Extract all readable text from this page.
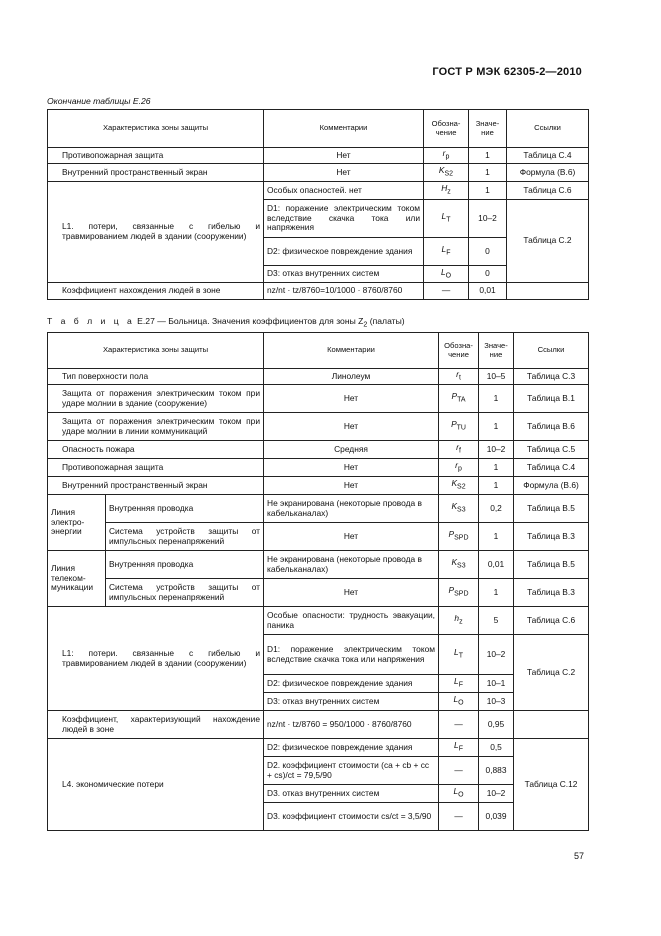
ГОСТ Р МЭК 62305-2—2010
Окончание таблицы Е.26
Характеристика зоны защиты	Комментарии	Обозна-чение	Значе-ние	Ссылки
Противопожарная защита	Нет	$r_p$	1	Таблица С.4
Внутренний пространственный экран	Нет	$K_{S2}$	1	Формула (В.6)
L1. потери, связанные с гибелью и травмированием людей в здании (сооружении)	Особых опасностей. нет	$H_z$	1	Таблица С.6
	D1: поражение электрическим током вследствие скачка тока или напряжения	$L_T$	10–2	Таблица С.2
	D2: физическое повреждение здания	$L_F$	0	
	D3: отказ внутренних систем	$L_O$	0	
Коэффициент нахождения людей в зоне	nz/nt · tz/8760=10/1000 · 8760/8760	—	0,01	
Т а б л и ц а Е.27 — Больница. Значения коэффициентов для зоны $Z_2$ (палаты)
Характеристика зоны защиты		Комментарии	Обозна-чение	Значе-ние	Ссылки
Тип поверхности пола		Линолеум	$r_t$	10–5	Таблица С.3
Защита от поражения электрическим током при ударе молнии в здание (сооружение)		Нет	$P_{TA}$	1	Таблица В.1
Защита от поражения электрическим током при ударе молнии в линии коммуникаций		Нет	$P_{TU}$	1	Таблица В.6
Опасность пожара		Средняя	$r_f$	10–2	Таблица С.5
Противопожарная защита		Нет	$r_p$	1	Таблица С.4
Внутренний пространственный экран		Нет	$K_{S2}$	1	Формула (В.6)
Линия электро-энергии	Внутренняя проводка	Не экранирована (некоторые провода в кабельканалах)	$K_{S3}$	0,2	Таблица В.5
	Система устройств защиты от импульсных перенапряжений	Нет	$P_{SPD}$	1	Таблица В.3
Линия телеком-муникации	Внутренняя проводка	Не экранирована (некоторые провода в кабельканалах)	$K_{S3}$	0,01	Таблица В.5
	Система устройств защиты от импульсных перенапряжений	Нет	$P_{SPD}$	1	Таблица В.3
L1: потери. связанные с гибелью и травмированием людей в здании (сооружении)		Особые опасности: трудность эвакуации, паника	$h_z$	5	Таблица С.6
		D1: поражение электрическим током вследствие скачка тока или напряжения	$L_T$	10–2	Таблица С.2
		D2: физическое повреждение здания	$L_F$	10–1	
		D3: отказ внутренних систем	$L_O$	10–3	
Коэффициент, характеризующий нахождение людей в зоне		nz/nt · tz/8760 = 950/1000 · 8760/8760	—	0,95	
L4. экономические потери		D2: физическое повреждение здания	$L_F$	0,5	Таблица С.12
		D2. коэффициент стоимости (ca + cb + cc + cs)/ct = 79,5/90	—	0,883	
		D3. отказ внутренних систем	$L_O$	10–2	
		D3. коэффициент стоимости cs/ct = 3,5/90	—	0,039	
57
